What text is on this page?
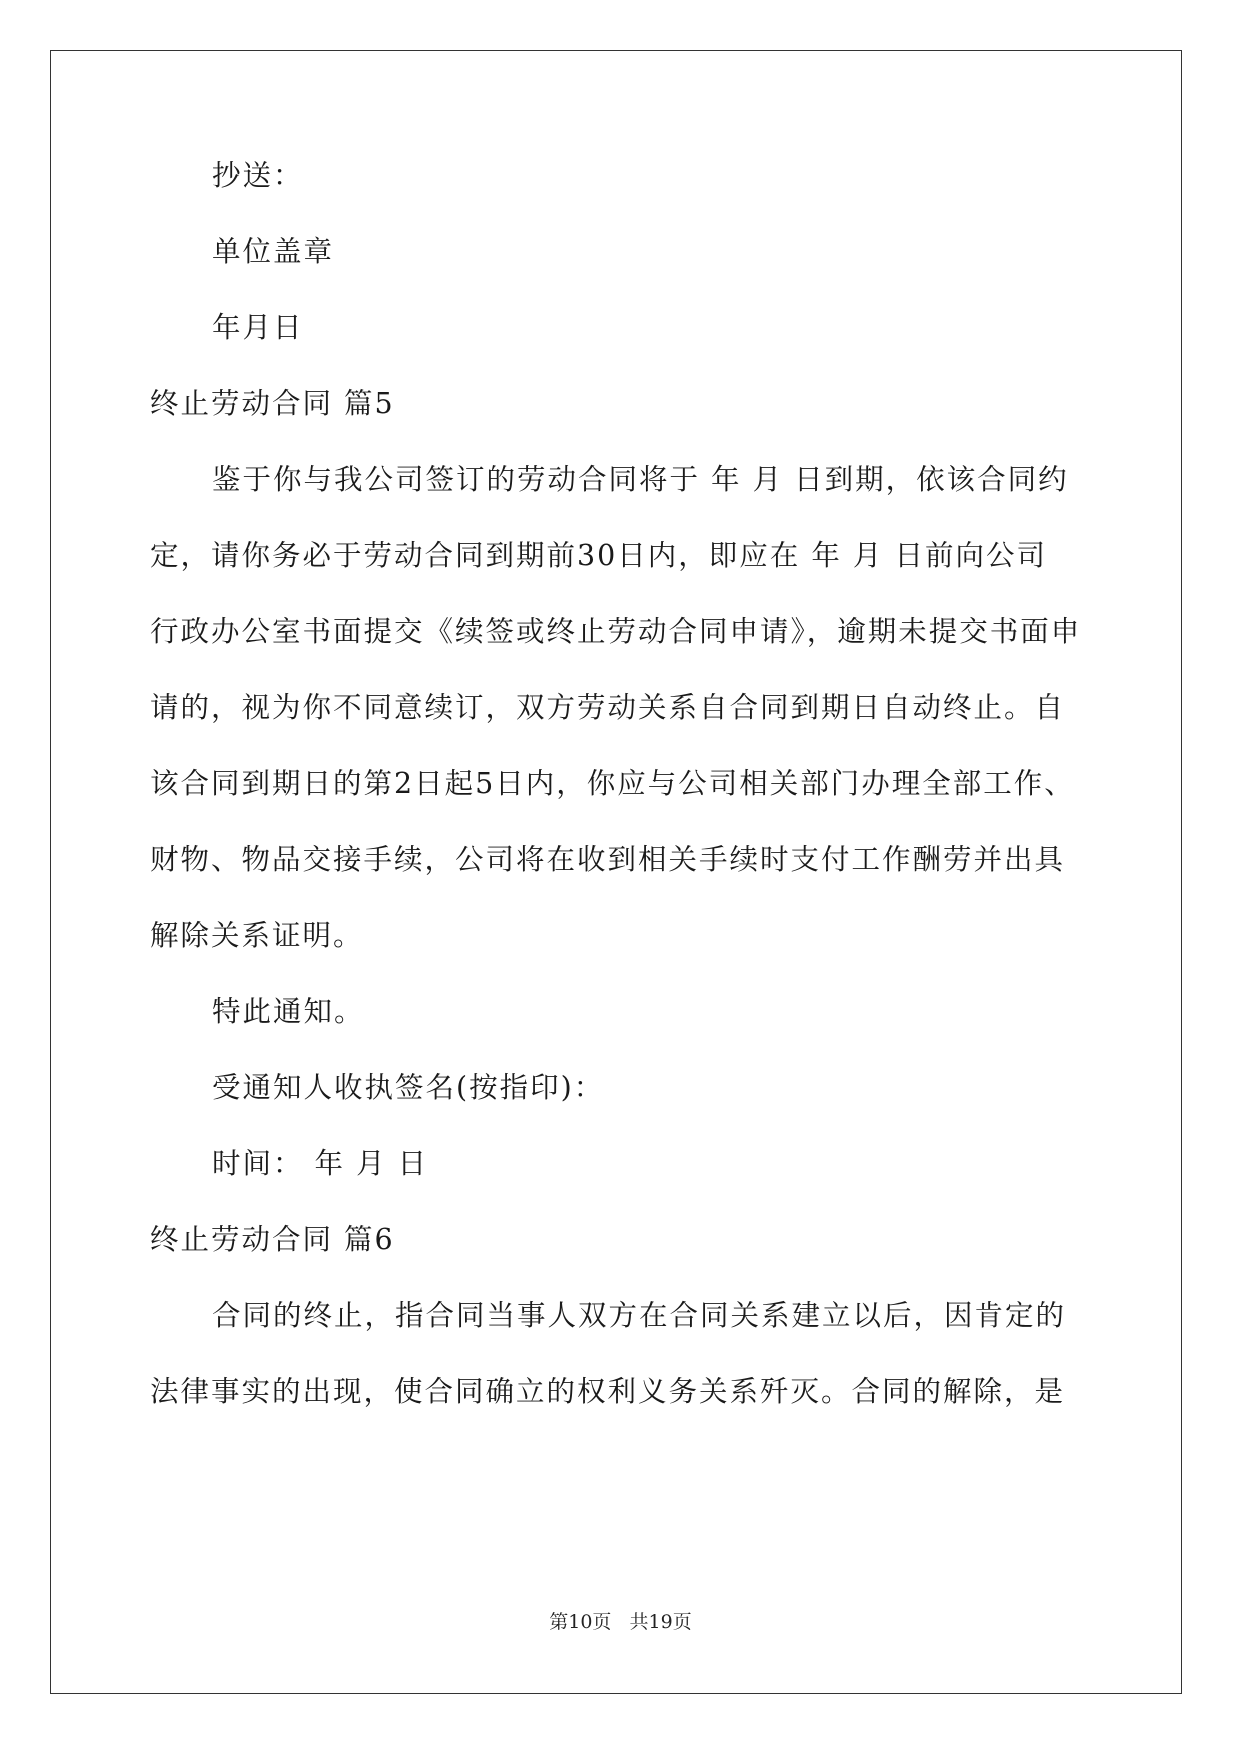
抄送：
单位盖章
年月日
终止劳动合同 篇5
鉴于你与我公司签订的劳动合同将于 年 月 日到期，依该合同约
定，请你务必于劳动合同到期前30日内，即应在 年 月 日前向公司
行政办公室书面提交《续签或终止劳动合同申请》，逾期未提交书面申
请的，视为你不同意续订，双方劳动关系自合同到期日自动终止。自
该合同到期日的第2日起5日内，你应与公司相关部门办理全部工作、
财物、物品交接手续，公司将在收到相关手续时支付工作酬劳并出具
解除关系证明。
特此通知。
受通知人收执签名(按指印)：
时间： 年 月 日
终止劳动合同 篇6
合同的终止，指合同当事人双方在合同关系建立以后，因肯定的
法律事实的出现，使合同确立的权利义务关系歼灭。合同的解除，是
第10页   共19页
